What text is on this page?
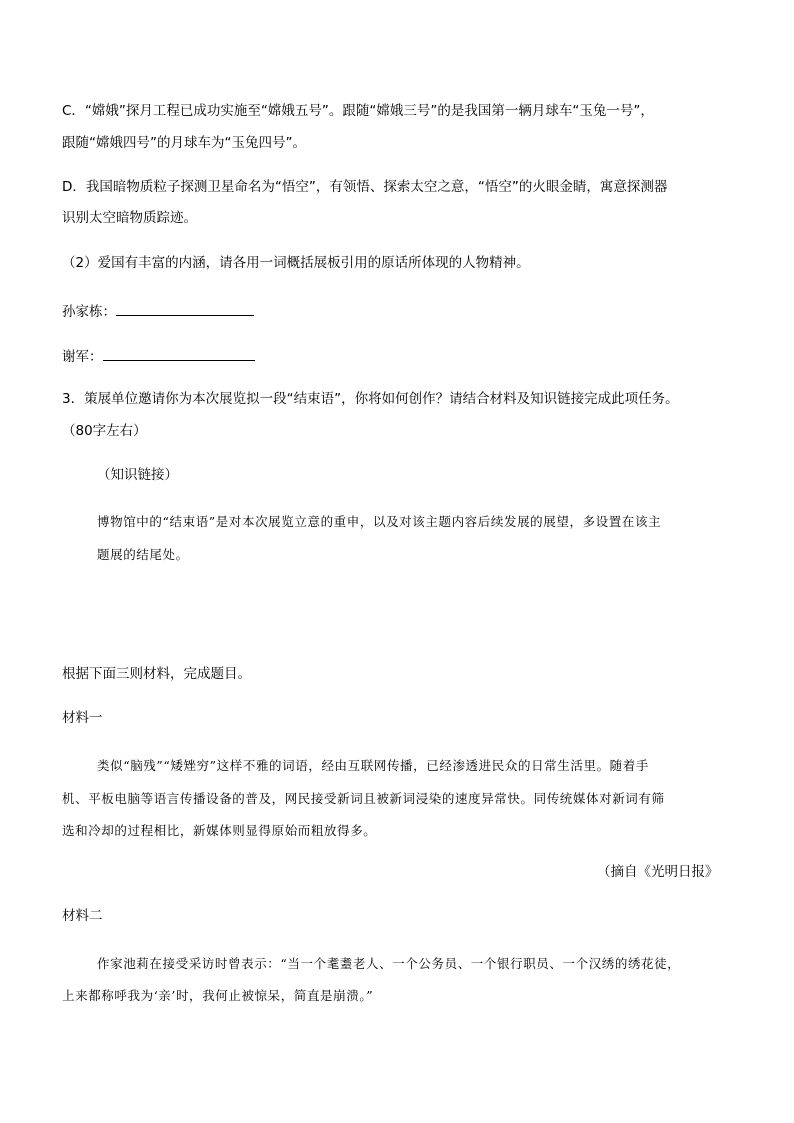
C．“嫦娥”探月工程已成功实施至“嫦娥五号”。跟随“嫦娥三号”的是我国第一辆月球车“玉兔一号”，
跟随“嫦娥四号”的月球车为“玉兔四号”。
D．我国暗物质粒子探测卫星命名为“悟空”，有领悟、探索太空之意，“悟空”的火眼金睛，寓意探测器
识别太空暗物质踪迹。
（2）爱国有丰富的内涵，请各用一词概括展板引用的原话所体现的人物精神。
孙家栋：
谢军：
3．策展单位邀请你为本次展览拟一段“结束语”，你将如何创作？请结合材料及知识链接完成此项任务。
（80字左右）
（知识链接）
博物馆中的“结束语”是对本次展览立意的重申，以及对该主题内容后续发展的展望，多设置在该主
题展的结尾处。
根据下面三则材料，完成题目。
材料一
类似“脑残”“矮矬穷”这样不雅的词语，经由互联网传播，已经渗透进民众的日常生活里。随着手
机、平板电脑等语言传播设备的普及，网民接受新词且被新词浸染的速度异常快。同传统媒体对新词有筛
选和冷却的过程相比，新媒体则显得原始而粗放得多。
（摘自《光明日报》
材料二
作家池莉在接受采访时曾表示：“当一个耄耋老人、一个公务员、一个银行职员、一个汉绣的绣花徒，
上来都称呼我为‘亲’时，我何止被惊呆，简直是崩溃。”
